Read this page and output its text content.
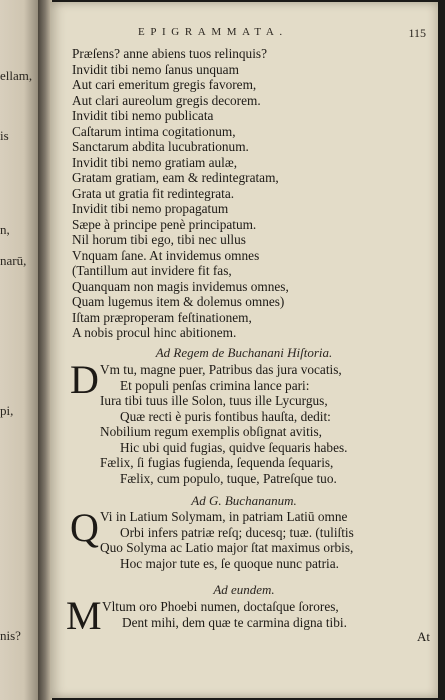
ellam,
is
n,
narū,
pi,
nis?
EPIGRAMMATA.	115
Præſens? anne abiens tuos relinquis?
Invidit tibi nemo ſanus unquam
Aut cari emeritum gregis favorem,
Aut clari aureolum gregis decorem.
Invidit tibi nemo publicata
Caſtarum intima cogitationum,
Sanctarum abdita lucubrationum.
Invidit tibi nemo gratiam aulæ,
Gratam gratiam, eam & redintegratam,
Grata ut gratia fit redintegrata.
Invidit tibi nemo propagatum
Sæpe à principe penè principatum.
Nil horum tibi ego, tibi nec ullus
Vnquam ſane. At invidemus omnes
(Tantillum aut invidere fit fas,
Quanquam non magis invidemus omnes,
Quam lugemus item & dolemus omnes)
Iſtam præproperam feſtinationem,
A nobis procul hinc abitionem.
Ad Regem de Buchanani Hiſtoria.
D Vm tu, magne puer, Patribus das jura vocatis,
Et populi penſas crimina lance pari:
Iura tibi tuus ille Solon, tuus ille Lycurgus,
Quæ recti è puris fontibus hauſta, dedit:
Nobilium regum exemplis obſignat avitis,
Hic ubi quid fugias, quidve ſequaris habes.
Fælix, ſi fugias fugienda, ſequenda ſequaris,
Fælix, cum populo, tuque, Patreſque tuo.
Ad G. Buchananum.
Q Vi in Latium Solymam, in patriam Latiū omne
Orbi infers patriæ reſq; ducesq; tuæ. (tuliſtis
Quo Solyma ac Latio major ſtat maximus orbis,
Hoc major tute es, ſe quoque nunc patria.
Ad eundem.
M Vltum oro Phoebi numen, doctaſque ſorores,
Dent mihi, dem quæ te carmina digna tibi.
At
